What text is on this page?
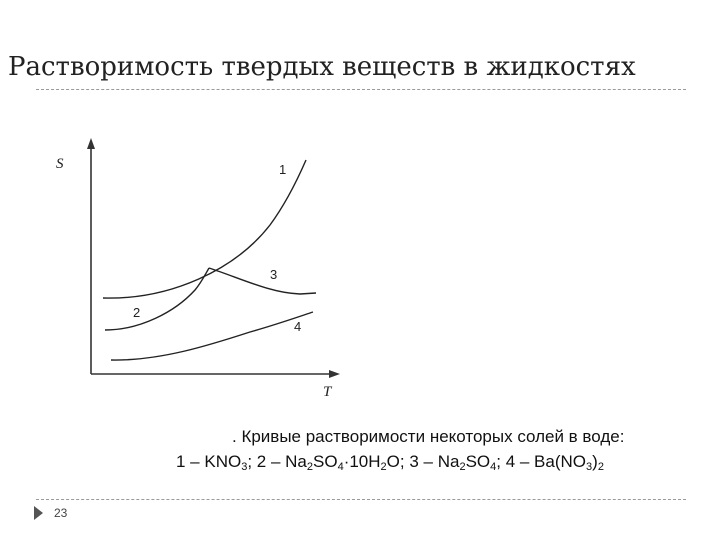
Растворимость твердых веществ в жидкостях
S
T
1
2
3
4
. Кривые растворимости некоторых солей в воде:
$1 - KNO_3$; $2 - Na_2SO_4\cdot 10H_2O$; $3 - Na_2SO_4$; $4 - Ba(NO_3)_2$
23
